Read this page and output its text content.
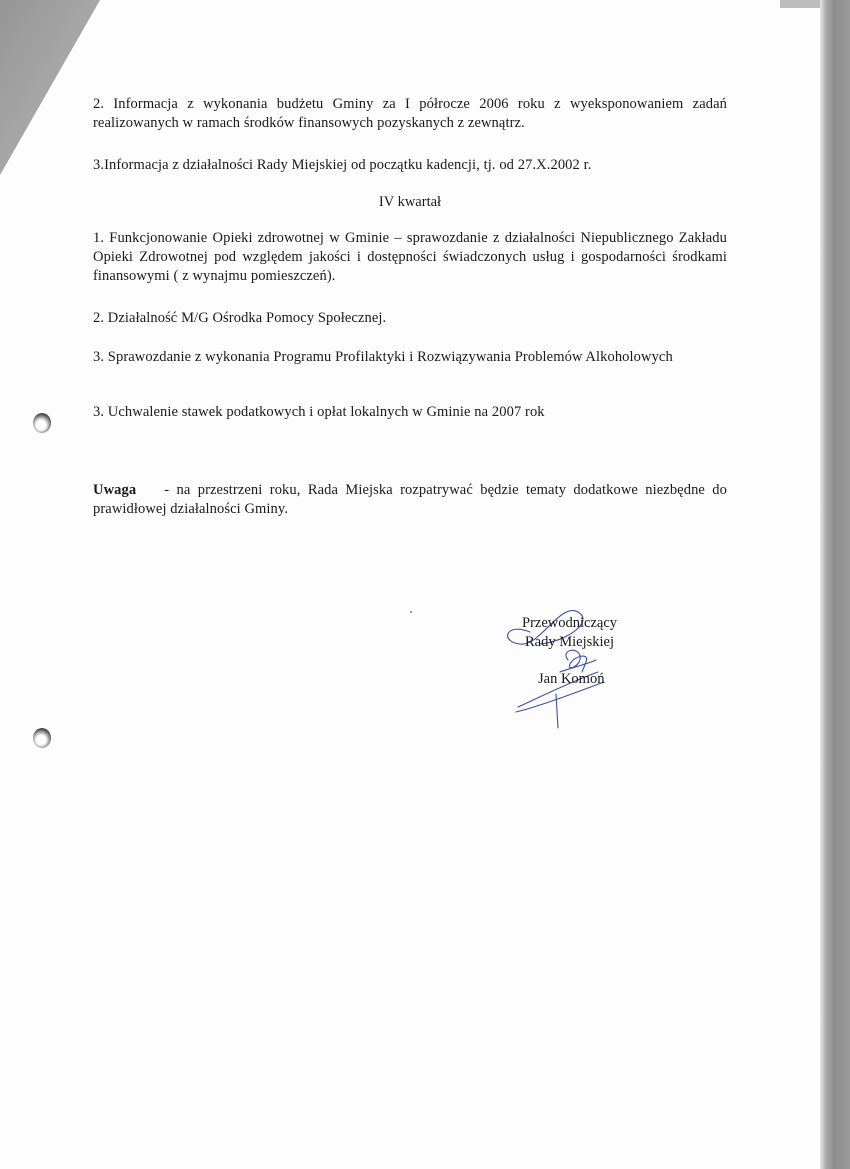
2. Informacja z wykonania budżetu Gminy za I półrocze 2006 roku z wyeksponowaniem zadań realizowanych w ramach środków finansowych pozyskanych z zewnątrz.
3.Informacja z działalności Rady Miejskiej od początku kadencji, tj. od 27.X.2002 r.
IV kwartał
1. Funkcjonowanie Opieki zdrowotnej w Gminie – sprawozdanie z działalności Niepublicznego Zakładu Opieki Zdrowotnej pod względem jakości i dostępności świadczonych usług i gospodarności środkami finansowymi ( z wynajmu pomieszczeń).
2. Działalność M/G Ośrodka Pomocy Społecznej.
3. Sprawozdanie z wykonania Programu Profilaktyki i Rozwiązywania Problemów Alkoholowych
3. Uchwalenie stawek podatkowych i opłat lokalnych w Gminie na 2007 rok
Uwaga - na przestrzeni roku, Rada Miejska rozpatrywać będzie tematy dodatkowe niezbędne do prawidłowej działalności Gminy.
Przewodniczący
Rady Miejskiej
Jan Komoń
